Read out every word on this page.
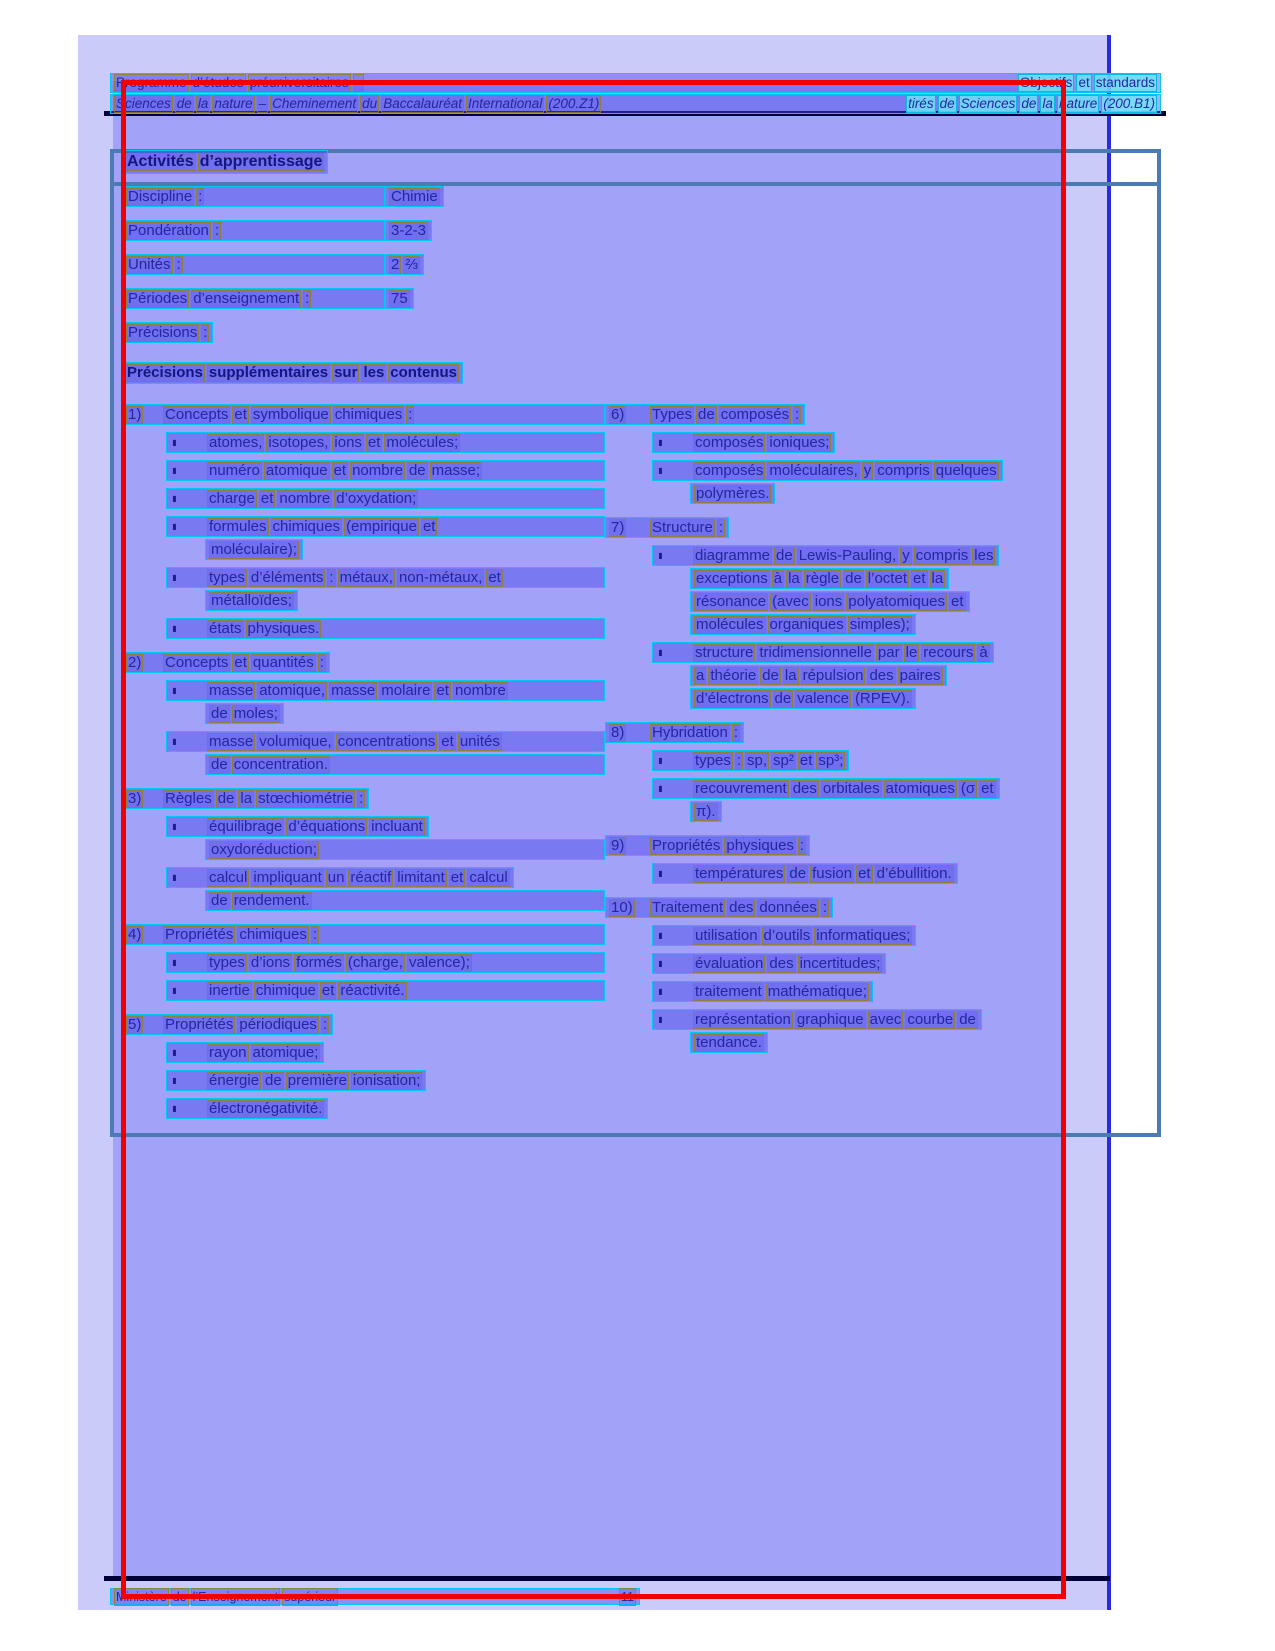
Programme d’études préuniversitaires –	Objectifs et standards
Sciences de la nature – Cheminement du Baccalauréat International (200.Z1)	tirés de Sciences de la nature (200.B1)
Activités d’apprentissage
Discipline :	Chimie
Pondération :	3-2-3
Unités :	2 ⅔
Périodes d’enseignement :	75
Précisions :
Précisions supplémentaires sur les contenus
1)	Concepts et symbolique chimiques :
▮ atomes, isotopes, ions et molécules;
▮ numéro atomique et nombre de masse;
▮ charge et nombre d’oxydation;
▮ formules chimiques (empirique et
moléculaire);
▮ types d’éléments : métaux, non-métaux, et
métalloïdes;
▮ états physiques.
2)	Concepts et quantités :
▮ masse atomique, masse molaire et nombre
de moles;
▮ masse volumique, concentrations et unités
de concentration.
3)	Règles de la stœchiométrie :
▮ équilibrage d’équations incluant
oxydoréduction;
▮ calcul impliquant un réactif limitant et calcul
de rendement.
4)	Propriétés chimiques :
▮ types d’ions formés (charge, valence);
▮ inertie chimique et réactivité.
5)	Propriétés périodiques :
▮ rayon atomique;
▮ énergie de première ionisation;
▮ électronégativité.
6)	Types de composés :
▮ composés ioniques;
▮ composés moléculaires, y compris quelques
polymères.
7)	Structure :
▮ diagramme de Lewis-Pauling, y compris les
exceptions à la règle de l’octet et la
résonance (avec ions polyatomiques et
molécules organiques simples);
▮ structure tridimensionnelle par le recours à
a théorie de la répulsion des paires
d’électrons de valence (RPEV).
8)	Hybridation :
▮ types : sp, sp² et sp³;
▮ recouvrement des orbitales atomiques (σ et
π).
9)	Propriétés physiques :
▮ températures de fusion et d’ébullition.
10)	Traitement des données :
▮ utilisation d’outils informatiques;
▮ évaluation des incertitudes;
▮ traitement mathématique;
▮ représentation graphique avec courbe de
tendance.
Ministère de l’Enseignement supérieur	11
